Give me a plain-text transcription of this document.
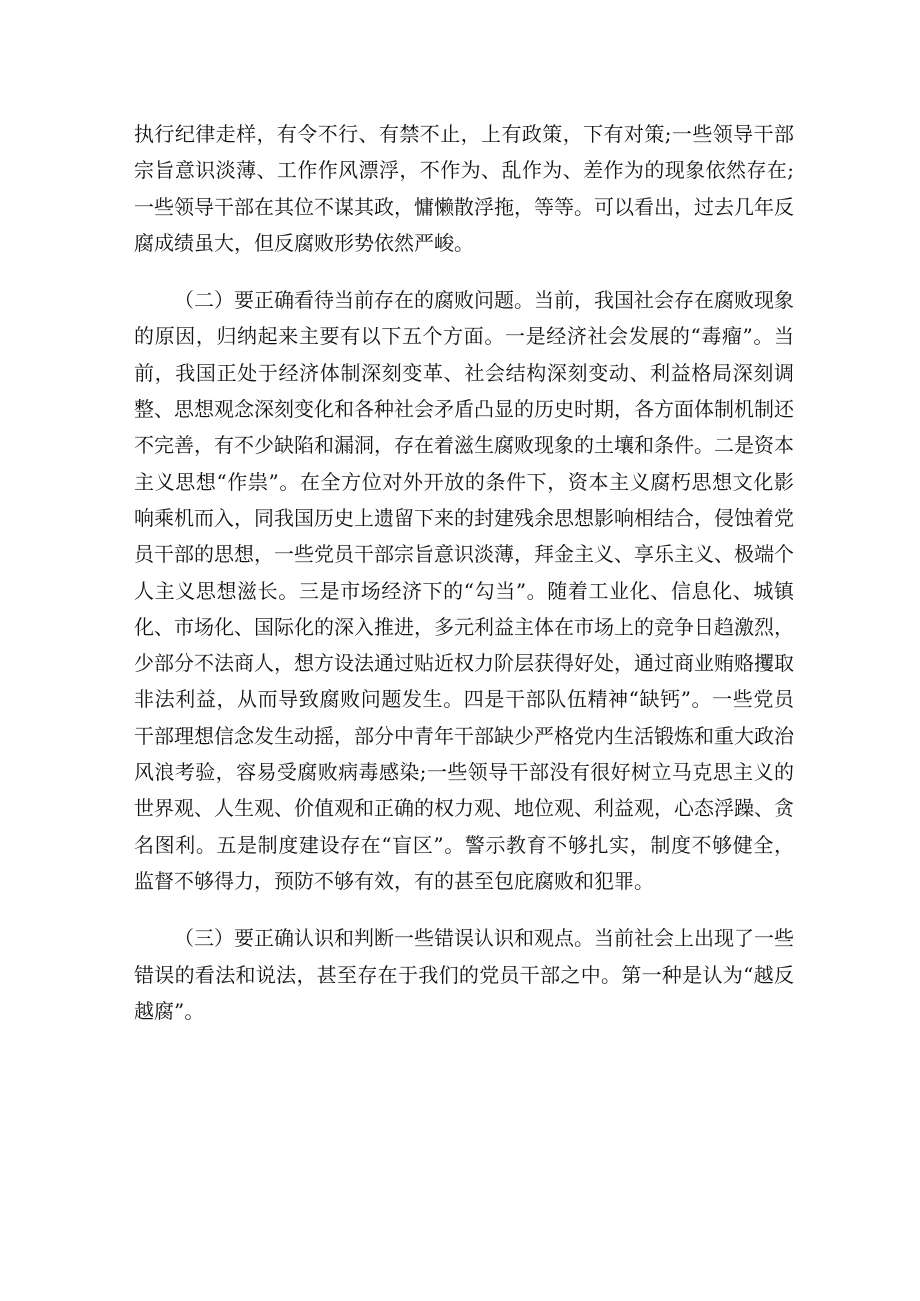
执行纪律走样，有令不行、有禁不止，上有政策，下有对策;一些领导干部宗旨意识淡薄、工作作风漂浮，不作为、乱作为、差作为的现象依然存在;一些领导干部在其位不谋其政，慵懒散浮拖，等等。可以看出，过去几年反腐成绩虽大，但反腐败形势依然严峻。

（二）要正确看待当前存在的腐败问题。当前，我国社会存在腐败现象的原因，归纳起来主要有以下五个方面。一是经济社会发展的“毒瘤”。当前，我国正处于经济体制深刻变革、社会结构深刻变动、利益格局深刻调整、思想观念深刻变化和各种社会矛盾凸显的历史时期，各方面体制机制还不完善，有不少缺陷和漏洞，存在着滋生腐败现象的土壤和条件。二是资本主义思想“作祟”。在全方位对外开放的条件下，资本主义腐朽思想文化影响乘机而入，同我国历史上遗留下来的封建残余思想影响相结合，侵蚀着党员干部的思想，一些党员干部宗旨意识淡薄，拜金主义、享乐主义、极端个人主义思想滋长。三是市场经济下的“勾当”。随着工业化、信息化、城镇化、市场化、国际化的深入推进，多元利益主体在市场上的竞争日趋激烈，少部分不法商人，想方设法通过贴近权力阶层获得好处，通过商业贿赂攫取非法利益，从而导致腐败问题发生。四是干部队伍精神“缺钙”。一些党员干部理想信念发生动摇，部分中青年干部缺少严格党内生活锻炼和重大政治风浪考验，容易受腐败病毒感染;一些领导干部没有很好树立马克思主义的世界观、人生观、价值观和正确的权力观、地位观、利益观，心态浮躁、贪名图利。五是制度建设存在“盲区”。警示教育不够扎实，制度不够健全，监督不够得力，预防不够有效，有的甚至包庇腐败和犯罪。

（三）要正确认识和判断一些错误认识和观点。当前社会上出现了一些错误的看法和说法，甚至存在于我们的党员干部之中。第一种是认为“越反越腐”。
